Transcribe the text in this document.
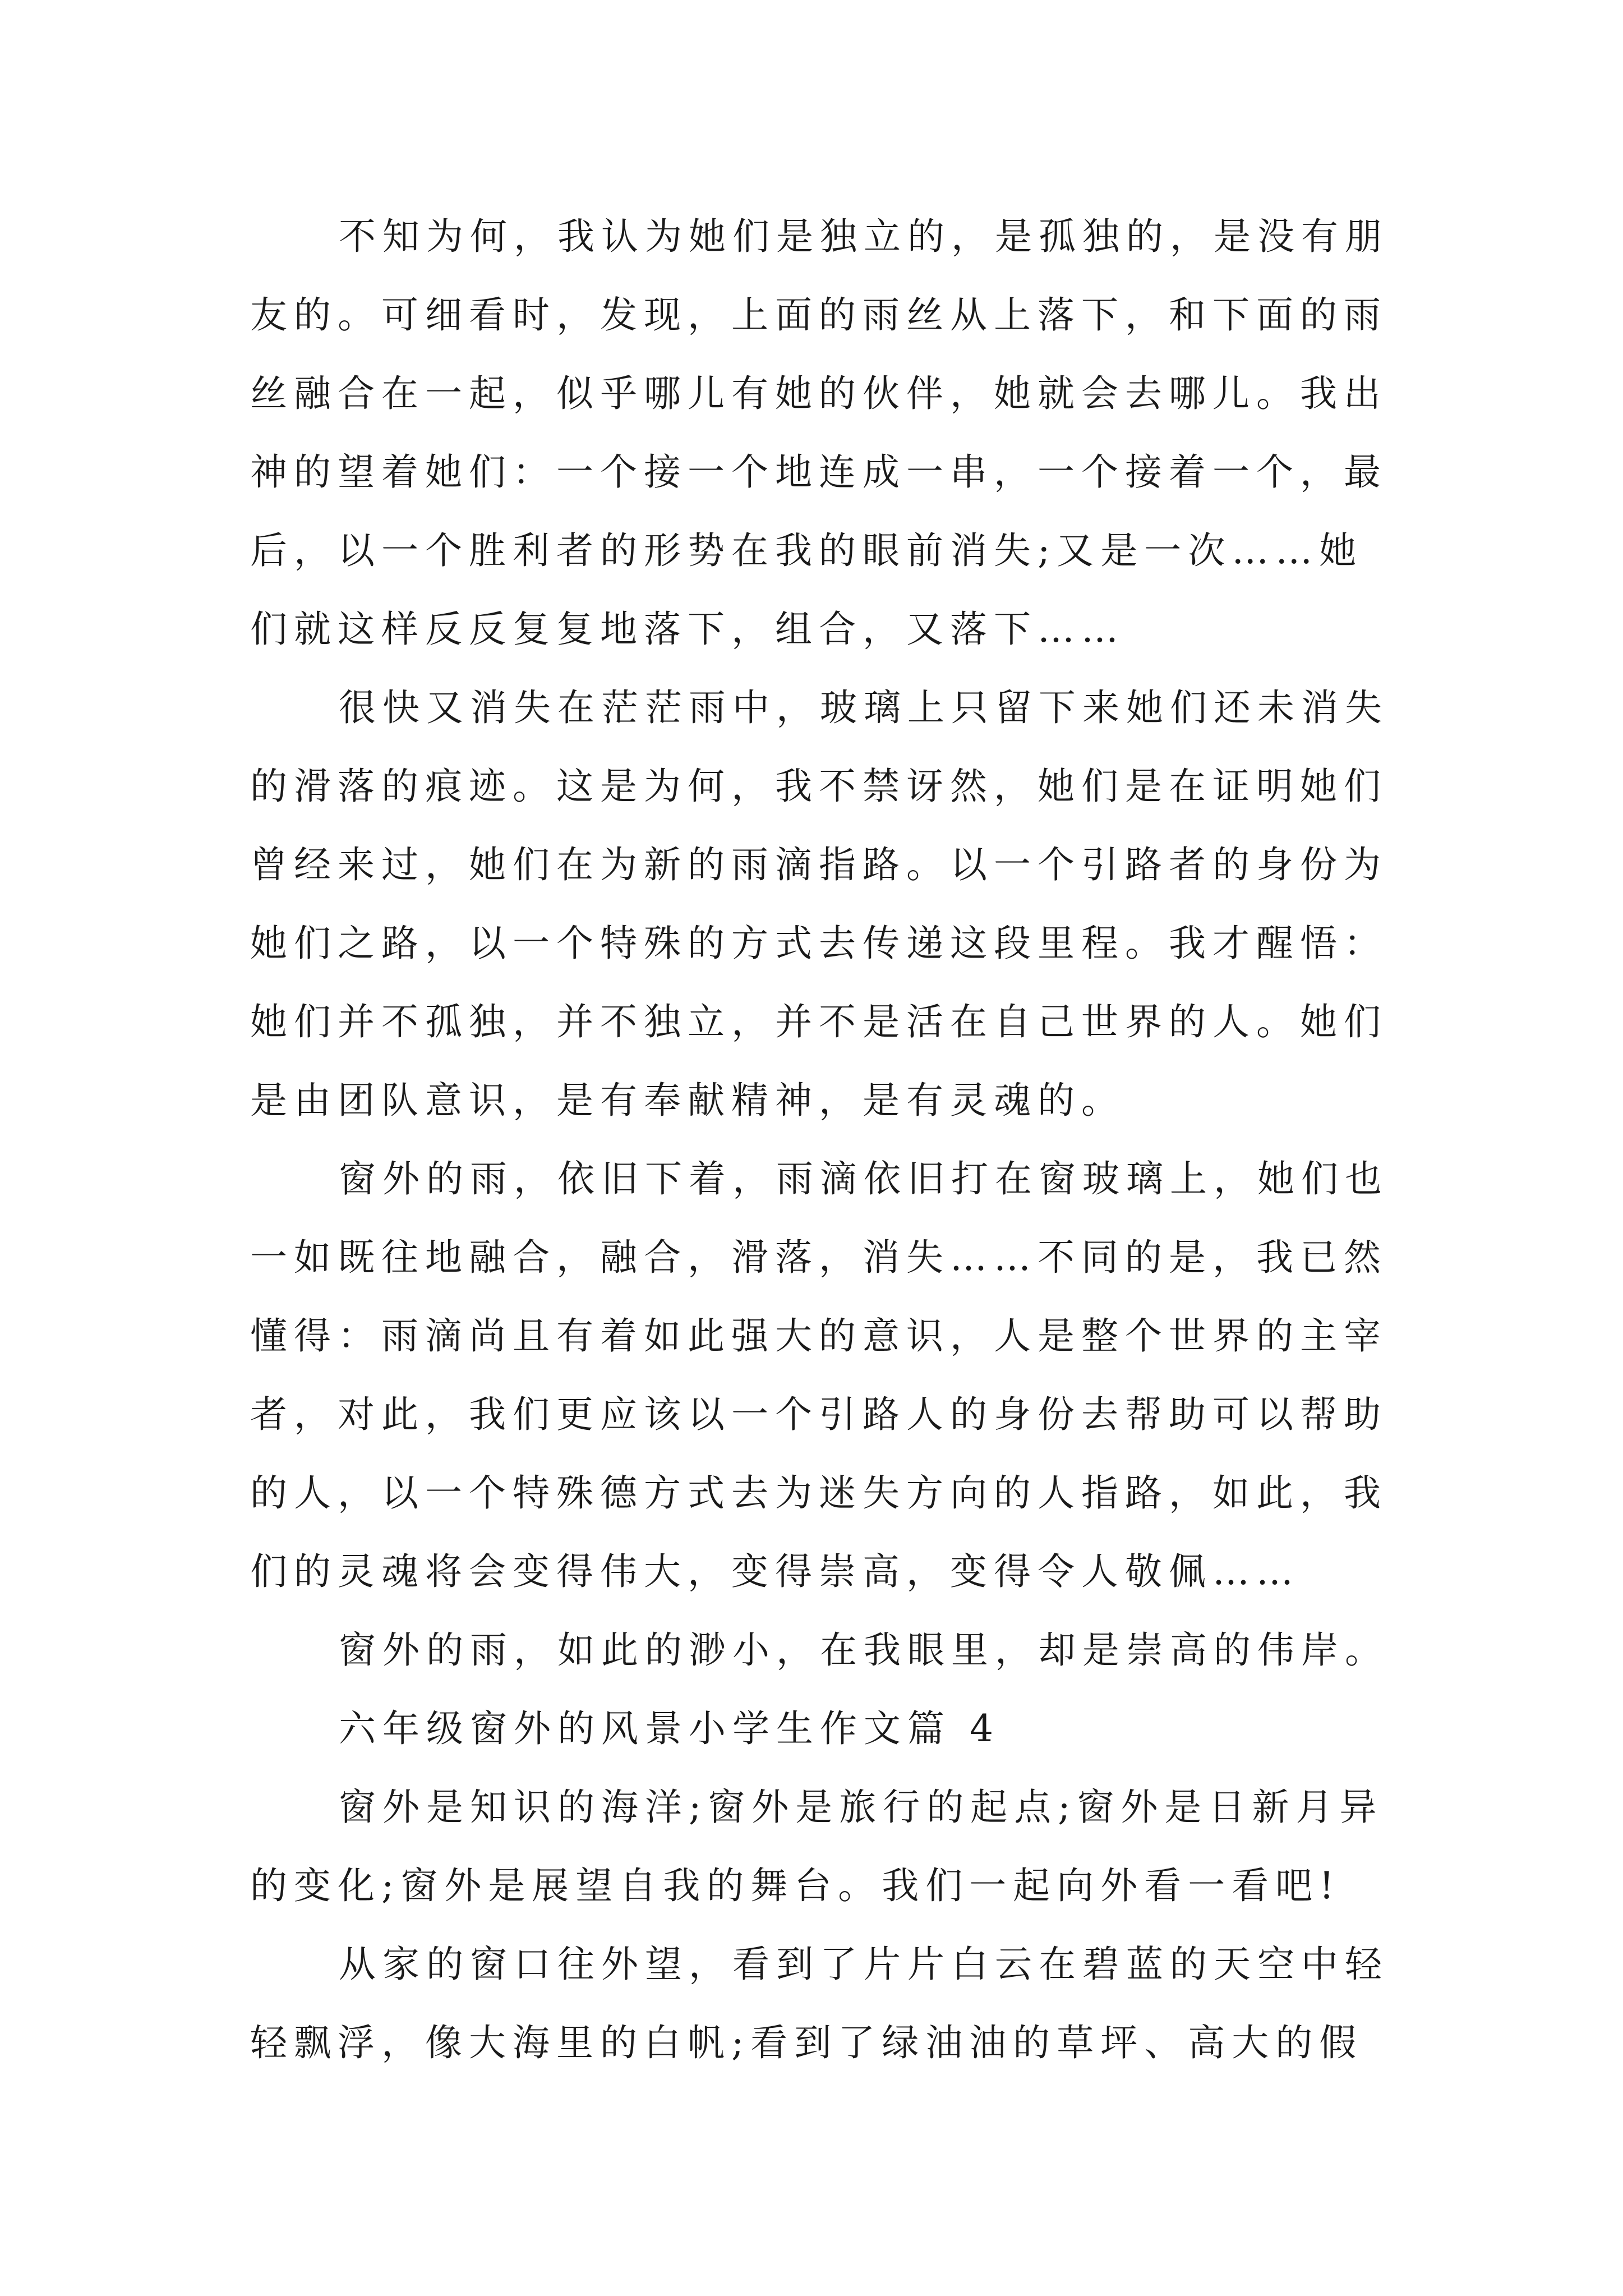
不知为何，我认为她们是独立的，是孤独的，是没有朋
友的。可细看时，发现，上面的雨丝从上落下，和下面的雨
丝融合在一起，似乎哪儿有她的伙伴，她就会去哪儿。我出
神的望着她们：一个接一个地连成一串，一个接着一个，最
后，以一个胜利者的形势在我的眼前消失;又是一次……她
们就这样反反复复地落下，组合，又落下……
很快又消失在茫茫雨中，玻璃上只留下来她们还未消失
的滑落的痕迹。这是为何，我不禁讶然，她们是在证明她们
曾经来过，她们在为新的雨滴指路。以一个引路者的身份为
她们之路，以一个特殊的方式去传递这段里程。我才醒悟：
她们并不孤独，并不独立，并不是活在自己世界的人。她们
是由团队意识，是有奉献精神，是有灵魂的。
窗外的雨，依旧下着，雨滴依旧打在窗玻璃上，她们也
一如既往地融合，融合，滑落，消失……不同的是，我已然
懂得：雨滴尚且有着如此强大的意识，人是整个世界的主宰
者，对此，我们更应该以一个引路人的身份去帮助可以帮助
的人，以一个特殊德方式去为迷失方向的人指路，如此，我
们的灵魂将会变得伟大，变得崇高，变得令人敬佩……
窗外的雨，如此的渺小，在我眼里，却是崇高的伟岸。
六年级窗外的风景小学生作文篇 4
窗外是知识的海洋;窗外是旅行的起点;窗外是日新月异
的变化;窗外是展望自我的舞台。我们一起向外看一看吧!
从家的窗口往外望，看到了片片白云在碧蓝的天空中轻
轻飘浮，像大海里的白帆;看到了绿油油的草坪、高大的假
